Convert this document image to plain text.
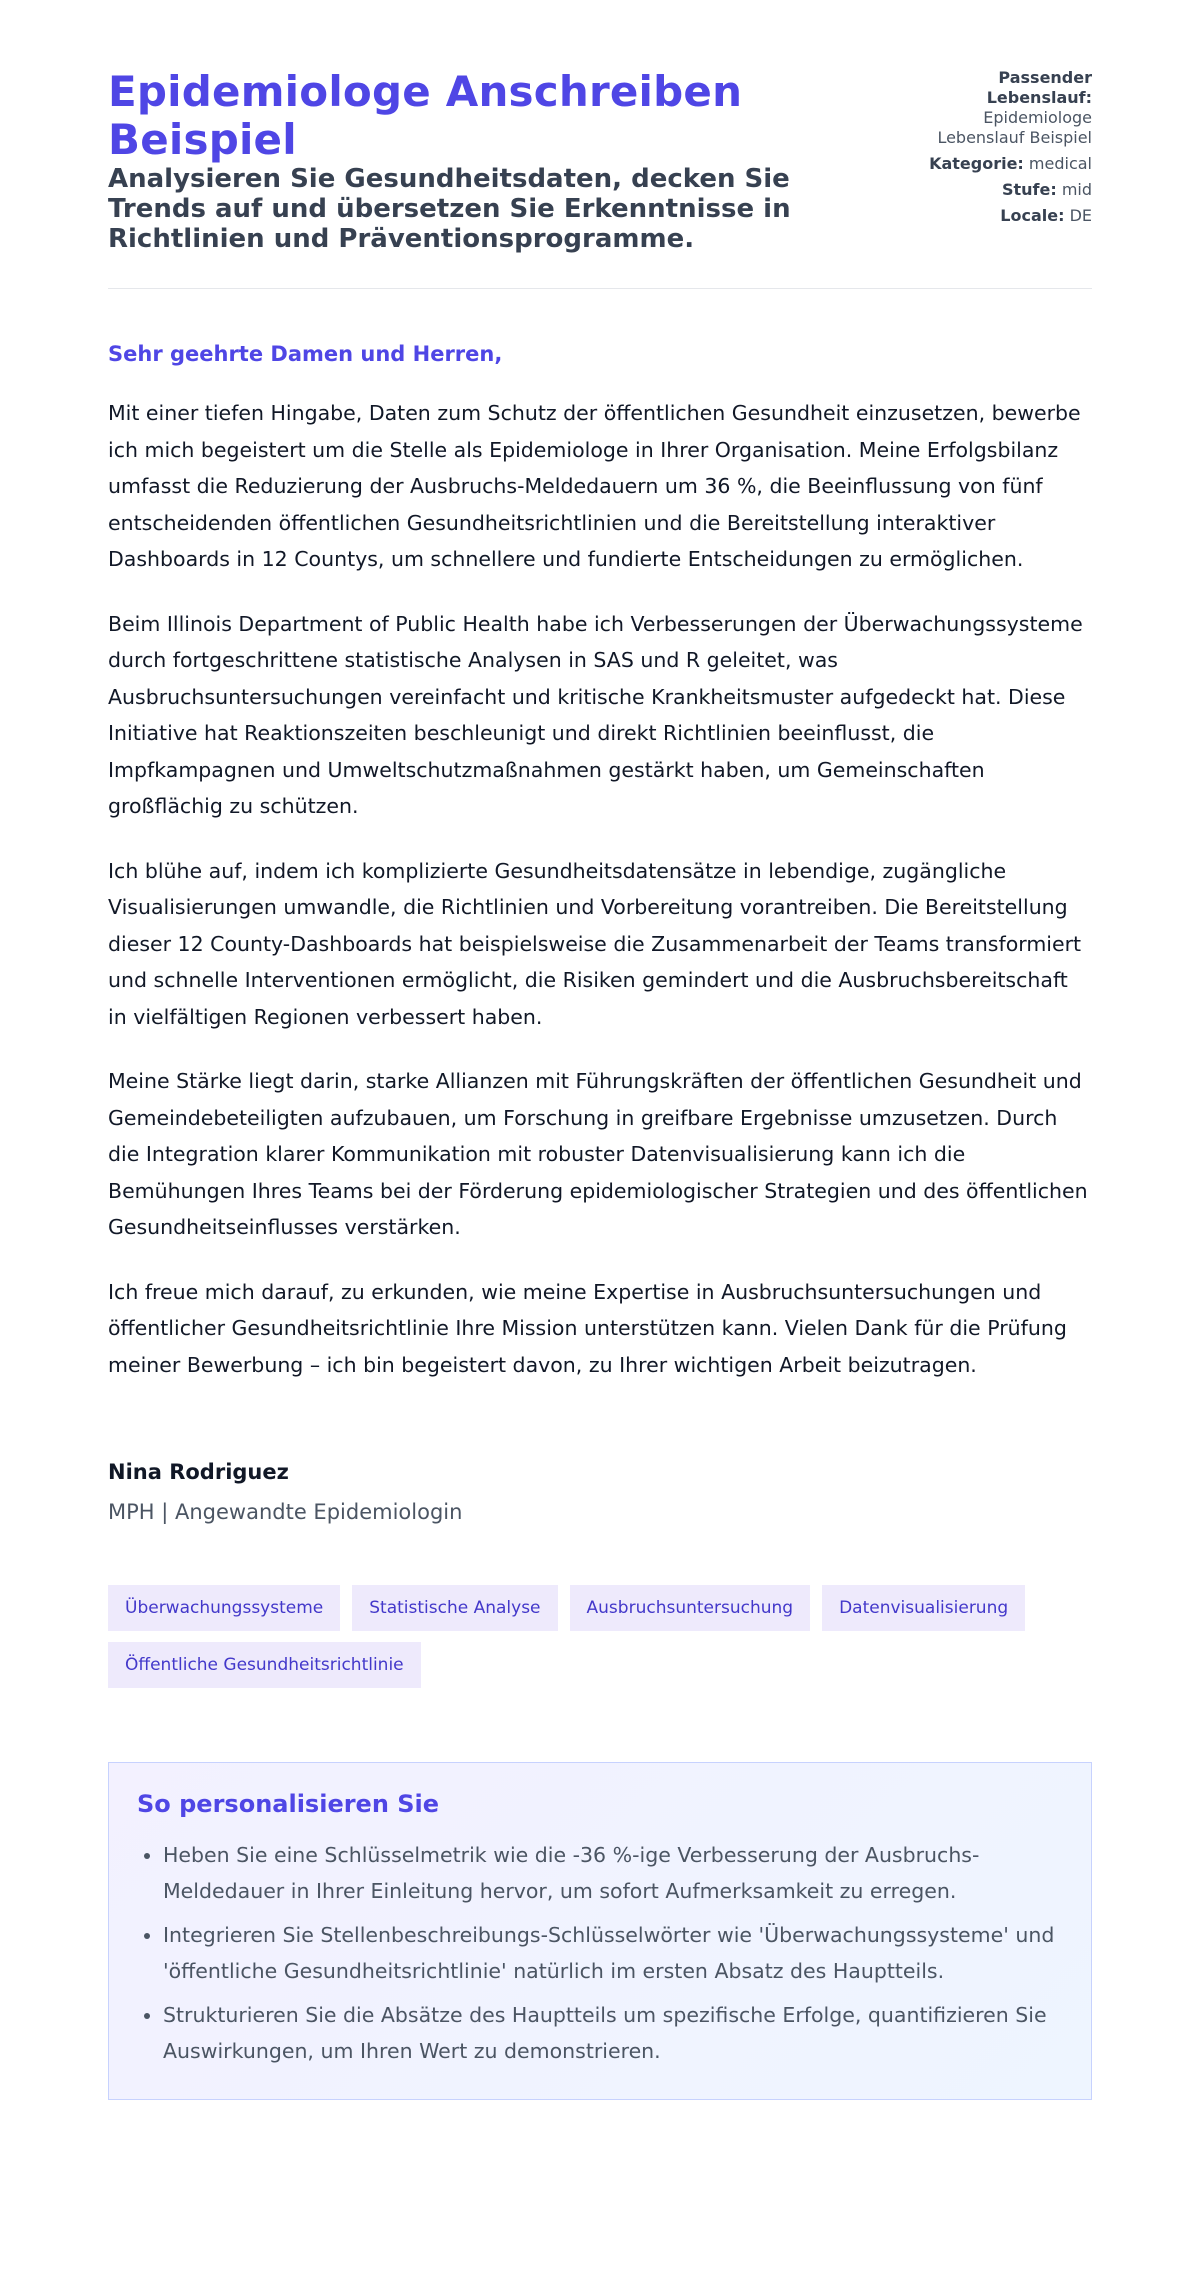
Epidemiologe Anschreiben Beispiel
Analysieren Sie Gesundheitsdaten, decken Sie Trends auf und übersetzen Sie Erkenntnisse in Richtlinien und Präventionsprogramme.
Passender Lebenslauf:
Epidemiologe Lebenslauf Beispiel
Kategorie: medical
Stufe: mid
Locale: DE

Sehr geehrte Damen und Herren,

Mit einer tiefen Hingabe, Daten zum Schutz der öffentlichen Gesundheit einzusetzen, bewerbe ich mich begeistert um die Stelle als Epidemiologe in Ihrer Organisation. Meine Erfolgsbilanz umfasst die Reduzierung der Ausbruchs-Meldedauern um 36 %, die Beeinflussung von fünf entscheidenden öffentlichen Gesundheitsrichtlinien und die Bereitstellung interaktiver Dashboards in 12 Countys, um schnellere und fundierte Entscheidungen zu ermöglichen.

Beim Illinois Department of Public Health habe ich Verbesserungen der Überwachungssysteme durch fortgeschrittene statistische Analysen in SAS und R geleitet, was Ausbruchsuntersuchungen vereinfacht und kritische Krankheitsmuster aufgedeckt hat. Diese Initiative hat Reaktionszeiten beschleunigt und direkt Richtlinien beeinflusst, die Impfkampagnen und Umweltschutzmaßnahmen gestärkt haben, um Gemeinschaften großflächig zu schützen.

Ich blühe auf, indem ich komplizierte Gesundheitsdatensätze in lebendige, zugängliche Visualisierungen umwandle, die Richtlinien und Vorbereitung vorantreiben. Die Bereitstellung dieser 12 County-Dashboards hat beispielsweise die Zusammenarbeit der Teams transformiert und schnelle Interventionen ermöglicht, die Risiken gemindert und die Ausbruchsbereitschaft in vielfältigen Regionen verbessert haben.

Meine Stärke liegt darin, starke Allianzen mit Führungskräften der öffentlichen Gesundheit und Gemeindebeteiligten aufzubauen, um Forschung in greifbare Ergebnisse umzusetzen. Durch die Integration klarer Kommunikation mit robuster Datenvisualisierung kann ich die Bemühungen Ihres Teams bei der Förderung epidemiologischer Strategien und des öffentlichen Gesundheitseinflusses verstärken.

Ich freue mich darauf, zu erkunden, wie meine Expertise in Ausbruchsuntersuchungen und öffentlicher Gesundheitsrichtlinie Ihre Mission unterstützen kann. Vielen Dank für die Prüfung meiner Bewerbung – ich bin begeistert davon, zu Ihrer wichtigen Arbeit beizutragen.

Nina Rodriguez
MPH | Angewandte Epidemiologin
Überwachungssysteme	Statistische Analyse	Ausbruchsuntersuchung	Datenvisualisierung
Öffentliche Gesundheitsrichtlinie
So personalisieren Sie
• Heben Sie eine Schlüsselmetrik wie die -36 %-ige Verbesserung der Ausbruchs-Meldedauer in Ihrer Einleitung hervor, um sofort Aufmerksamkeit zu erregen.
• Integrieren Sie Stellenbeschreibungs-Schlüsselwörter wie 'Überwachungssysteme' und 'öffentliche Gesundheitsrichtlinie' natürlich im ersten Absatz des Hauptteils.
• Strukturieren Sie die Absätze des Hauptteils um spezifische Erfolge, quantifizieren Sie Auswirkungen, um Ihren Wert zu demonstrieren.
